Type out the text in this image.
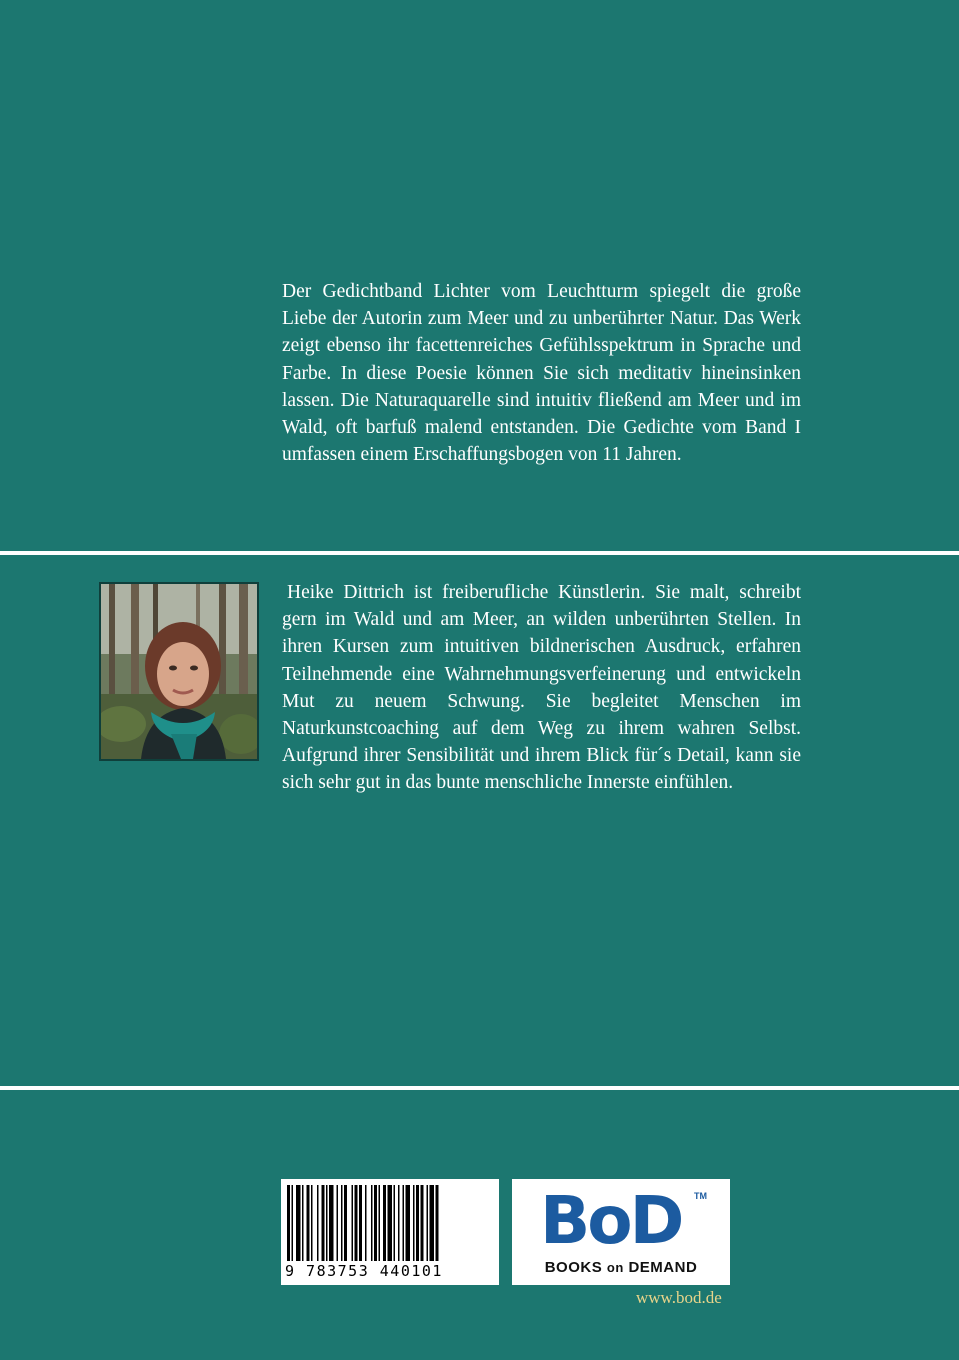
Der Gedichtband Lichter vom Leuchtturm spiegelt die große Liebe der Autorin zum Meer und zu unberührter Natur. Das Werk zeigt ebenso ihr facettenreiches Gefühlsspektrum in Sprache und Farbe. In diese Poesie können Sie sich meditativ hineinsinken lassen. Die Naturaquarelle sind intuitiv fließend am Meer und im Wald, oft barfuß malend entstanden. Die Gedichte vom Band I umfassen einem Erschaffungsbogen von 11 Jahren.

Heike Dittrich ist freiberufliche Künstlerin. Sie malt, schreibt gern im Wald und am Meer, an wilden unberührten Stellen. In ihren Kursen zum intuitiven bildnerischen Ausdruck, erfahren Teilnehmende eine Wahrnehmungsverfeinerung und entwickeln Mut zu neuem Schwung. Sie begleitet Menschen im Naturkunstcoaching auf dem Weg zu ihrem wahren Selbst. Aufgrund ihrer Sensibilität und ihrem Blick für´s Detail, kann sie sich sehr gut in das bunte menschliche Innerste einfühlen.

9 783753 440101
BoD TM
BOOKS on DEMAND
www.bod.de
